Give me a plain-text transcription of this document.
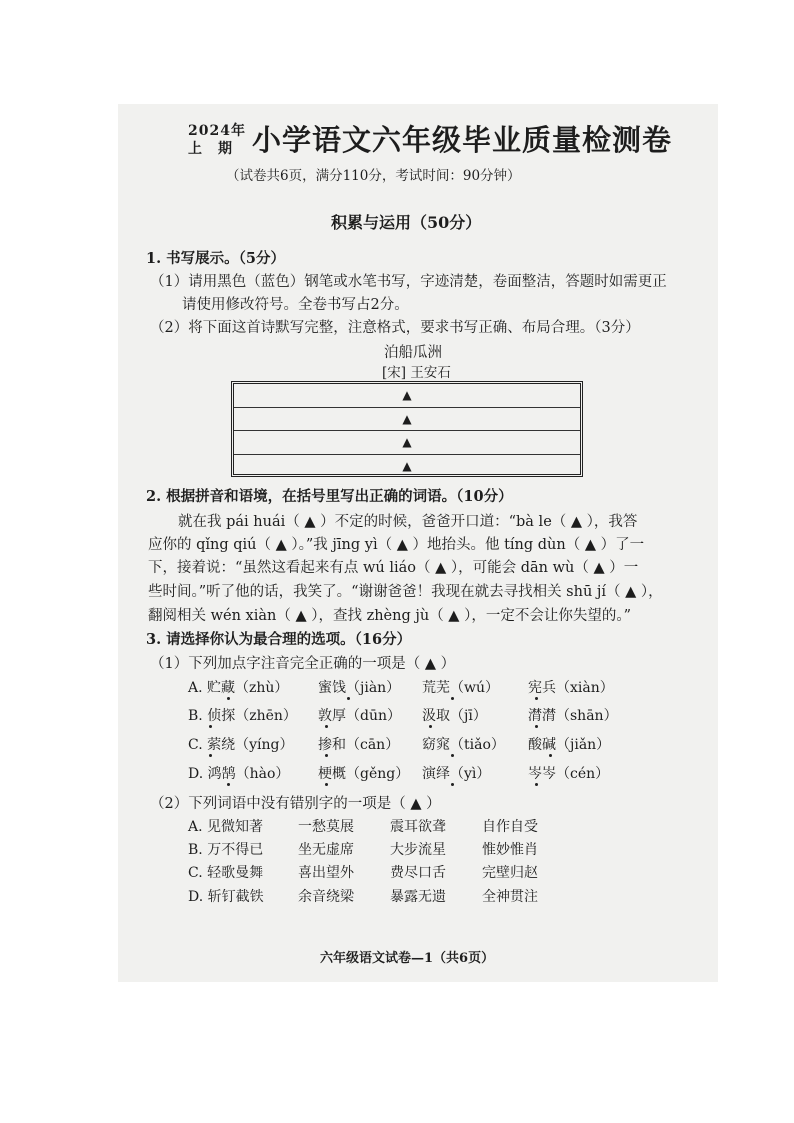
2024年
上　期 小学语文六年级毕业质量检测卷
（试卷共6页，满分110分，考试时间：90分钟）
积累与运用（50分）
1. 书写展示。（5分）
（1）请用黑色（蓝色）钢笔或水笔书写，字迹清楚，卷面整洁，答题时如需更正
请使用修改符号。全卷书写占2分。
（2）将下面这首诗默写完整，注意格式，要求书写正确、布局合理。（3分）
泊船瓜洲
[宋] 王安石
▲
▲
▲
▲
2. 根据拼音和语境，在括号里写出正确的词语。（10分）
就在我 pái huái（ ▲ ）不定的时候，爸爸开口道：“bà le（ ▲ ），我答
应你的 qǐng qiú（ ▲ ）。”我 jīng yì（ ▲ ）地抬头。他 tíng dùn（ ▲ ）了一
下，接着说：“虽然这看起来有点 wú liáo（ ▲ ），可能会 dān wù（ ▲ ）一
些时间。”听了他的话，我笑了。“谢谢爸爸！我现在就去寻找相关 shū jí（ ▲ ），
翻阅相关 wén xiàn（ ▲ ），查找 zhèng jù（ ▲ ），一定不会让你失望的。”
3. 请选择你认为最合理的选项。（16分）
（1）下列加点字注音完全正确的一项是（ ▲ ）
A. 贮藏（zhù） 蜜饯（jiàn） 荒芜（wú） 宪兵（xiàn）
B. 侦探（zhēn） 敦厚（dūn） 汲取（jī）	潸潸（shān）
C. 萦绕（yíng） 掺和（cān） 窈窕（tiǎo） 酸碱（jiǎn）
D. 鸿鹄（hào） 梗概（gěng） 演绎（yì）	岑岑（cén）
（2）下列词语中没有错别字的一项是（ ▲ ）
A. 见微知著 一愁莫展	震耳欲聋	自作自受
B. 万不得已 坐无虚席	大步流星	惟妙惟肖
C. 轻歌曼舞 喜出望外	费尽口舌	完壁归赵
D. 斩钉截铁 余音绕梁	暴露无遗	全神贯注
六年级语文试卷—1（共6页）
